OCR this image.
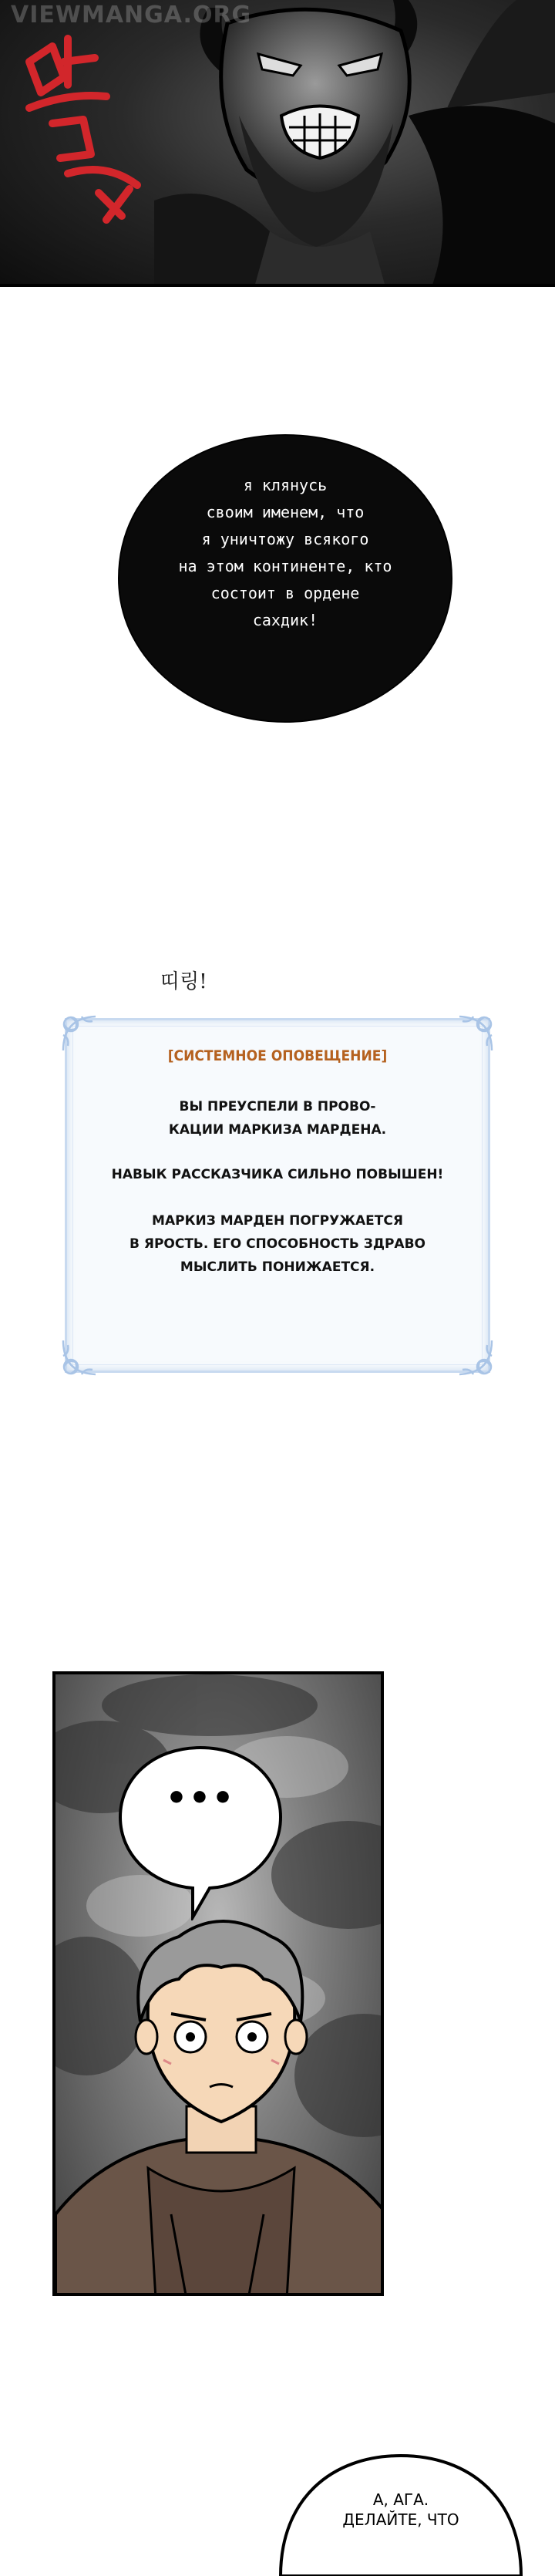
VIEWMANGA.ORG
я клянусь
своим именем, что
я уничтожу всякого
на этом континенте, кто
состоит в ордене
сахдик!
띠링!
[СИСТЕМНОЕ ОПОВЕЩЕНИЕ]
ВЫ ПРЕУСПЕЛИ В ПРОВО-
КАЦИИ МАРКИЗА МАРДЕНА.
НАВЫК РАССКАЗЧИКА СИЛЬНО ПОВЫШЕН!
МАРКИЗ МАРДЕН ПОГРУЖАЕТСЯ
В ЯРОСТЬ. ЕГО СПОСОБНОСТЬ ЗДРАВО
МЫСЛИТЬ ПОНИЖАЕТСЯ.
•••
А, АГА.
ДЕЛАЙТЕ, ЧТО
